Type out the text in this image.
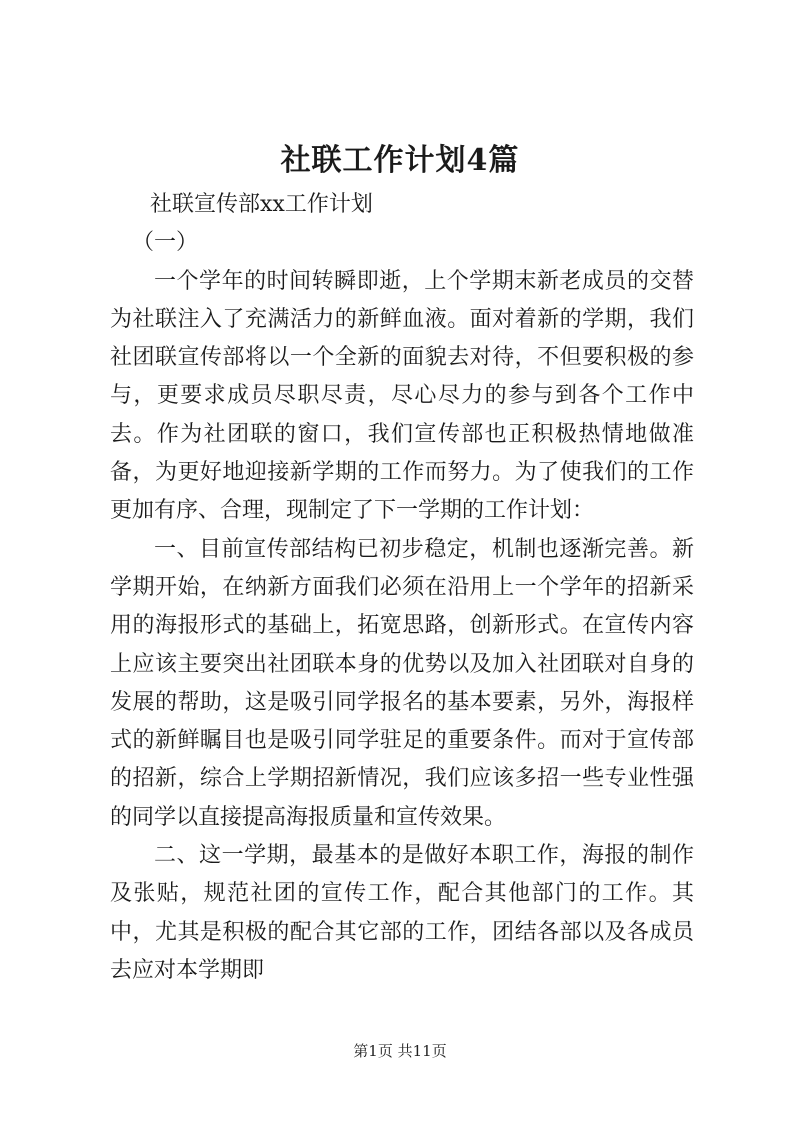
社联工作计划4篇

社联宣传部xx工作计划

（一）

一个学年的时间转瞬即逝，上个学期末新老成员的交替为社联注入了充满活力的新鲜血液。面对着新的学期，我们社团联宣传部将以一个全新的面貌去对待，不但要积极的参与，更要求成员尽职尽责，尽心尽力的参与到各个工作中去。作为社团联的窗口，我们宣传部也正积极热情地做准备，为更好地迎接新学期的工作而努力。为了使我们的工作更加有序、合理，现制定了下一学期的工作计划：

一、目前宣传部结构已初步稳定，机制也逐渐完善。新学期开始，在纳新方面我们必须在沿用上一个学年的招新采用的海报形式的基础上，拓宽思路，创新形式。在宣传内容上应该主要突出社团联本身的优势以及加入社团联对自身的发展的帮助，这是吸引同学报名的基本要素，另外，海报样式的新鲜瞩目也是吸引同学驻足的重要条件。而对于宣传部的招新，综合上学期招新情况，我们应该多招一些专业性强的同学以直接提高海报质量和宣传效果。

二、这一学期，最基本的是做好本职工作，海报的制作及张贴，规范社团的宣传工作，配合其他部门的工作。其中，尤其是积极的配合其它部的工作，团结各部以及各成员去应对本学期即

第1页 共11页
